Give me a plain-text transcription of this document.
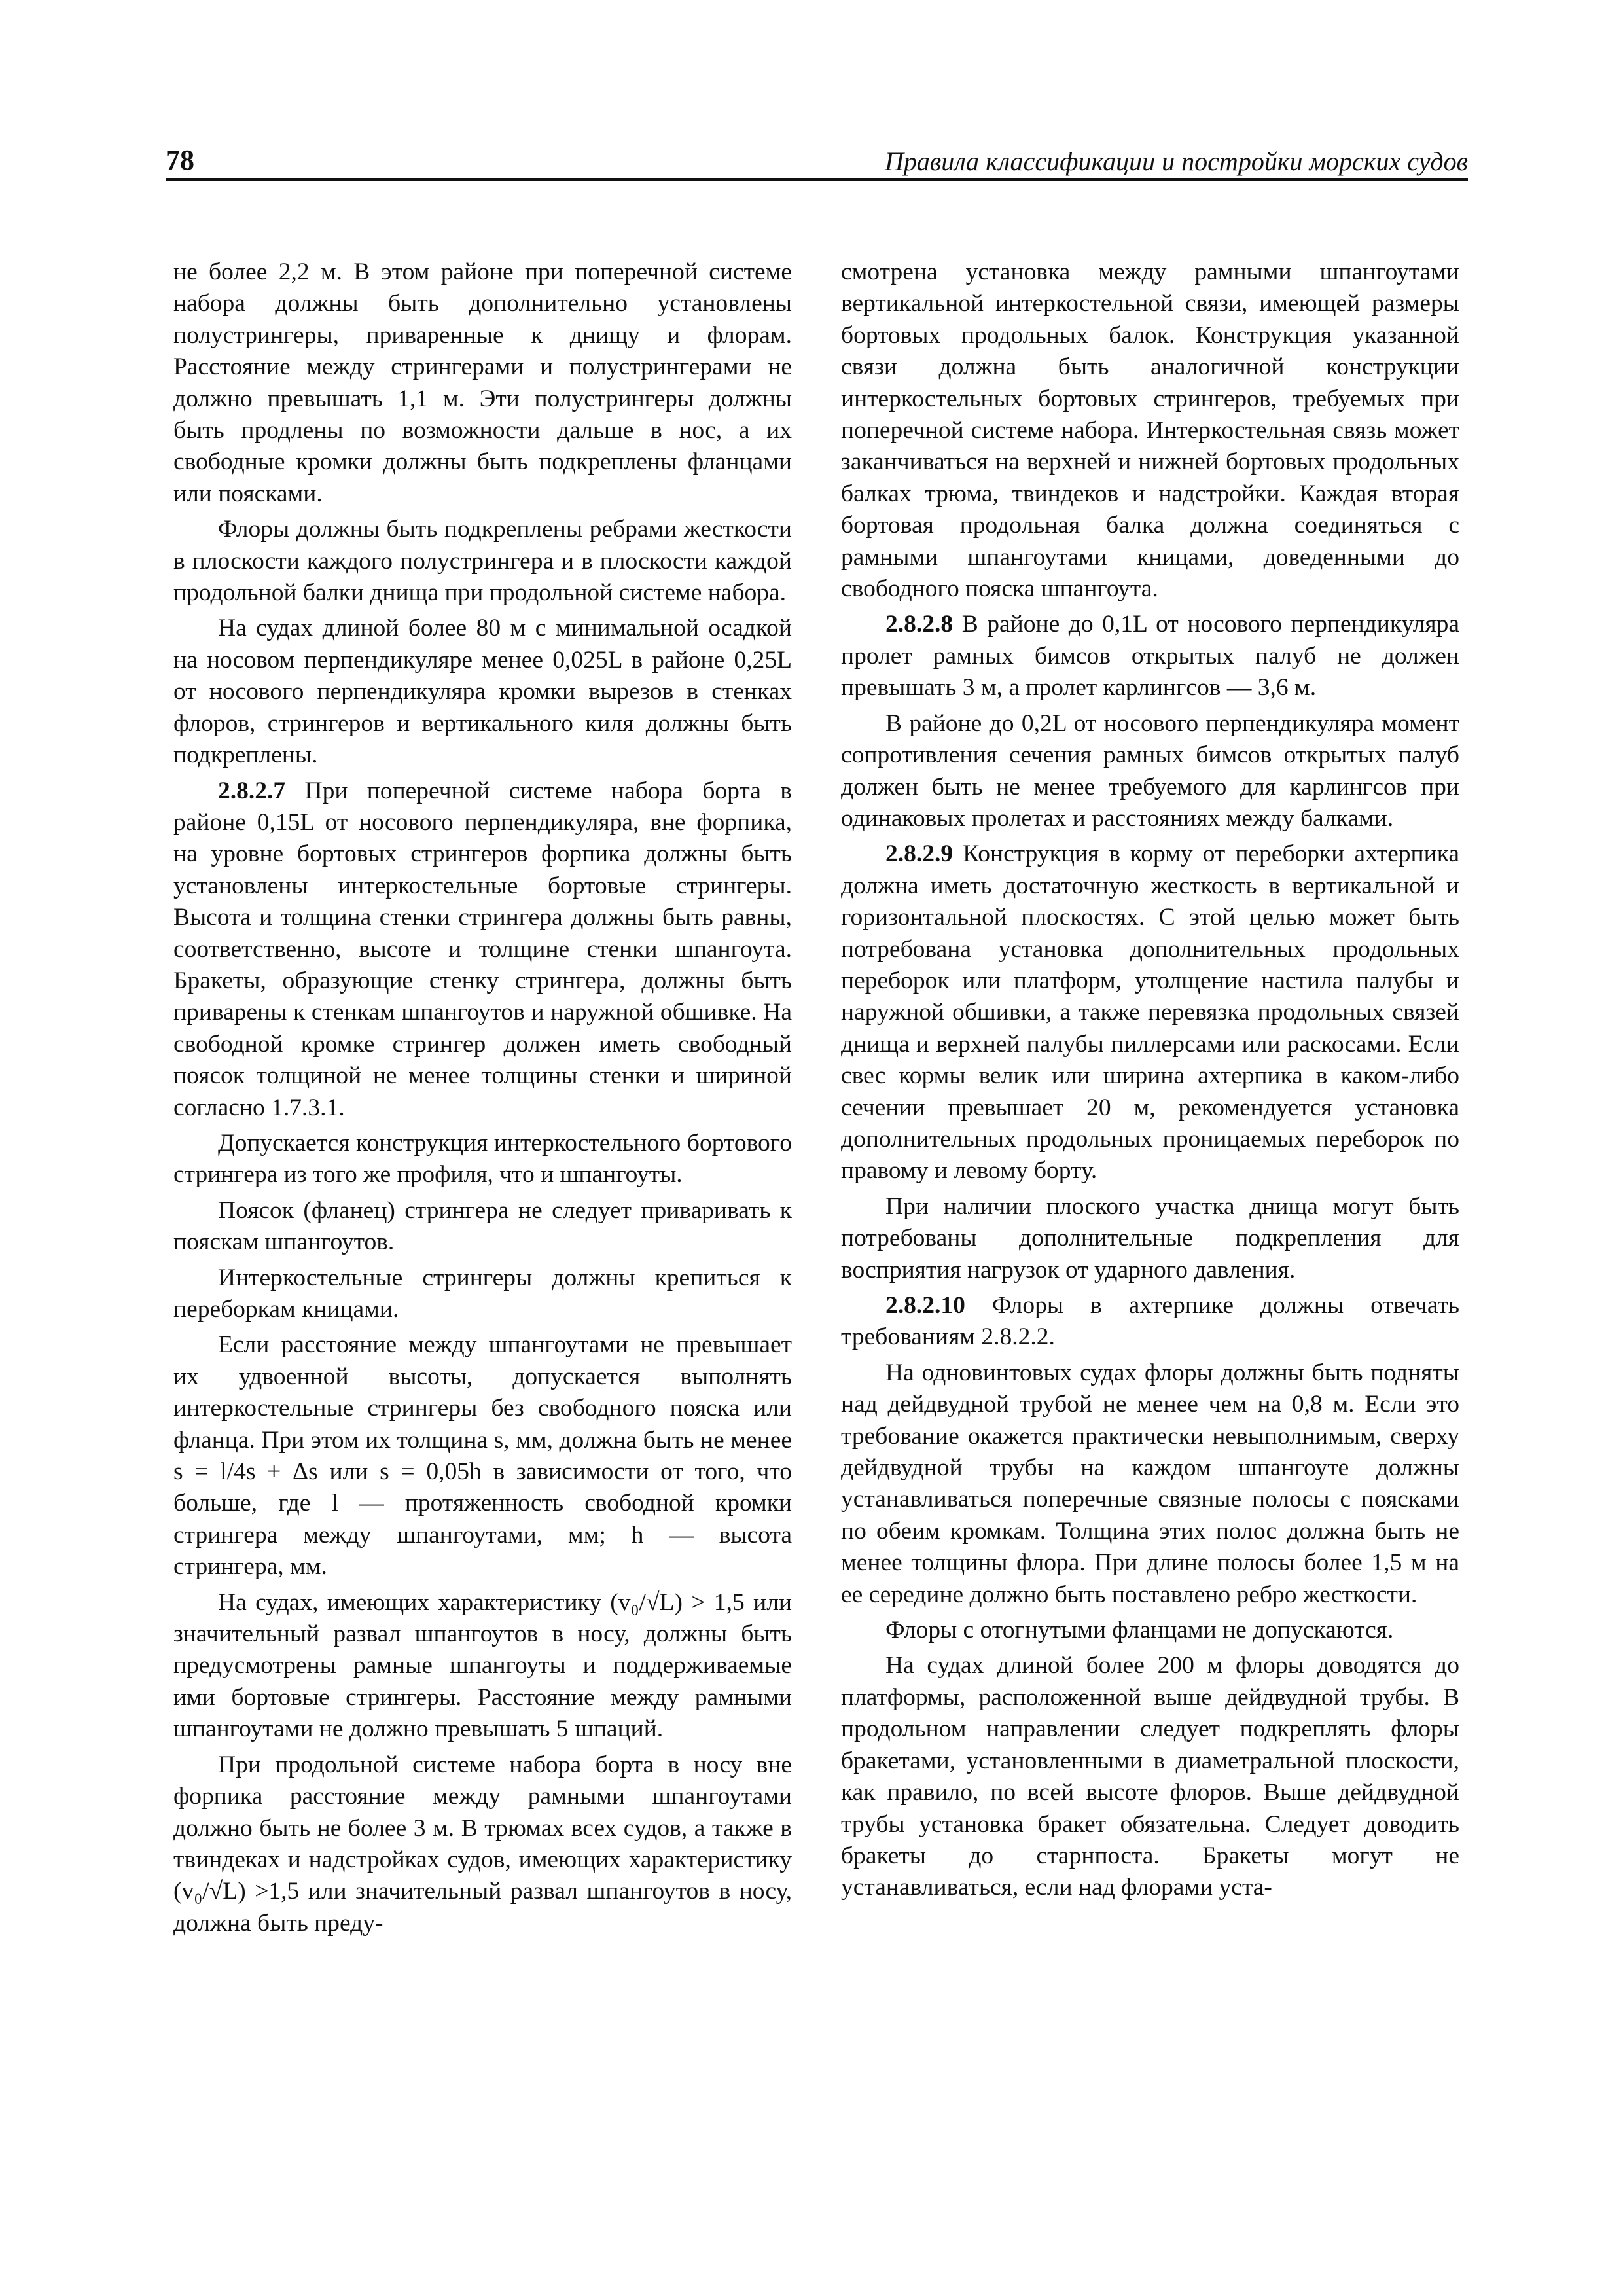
78	Правила классификации и постройки морских судов

не более 2,2 м. В этом районе при поперечной системе набора должны быть дополнительно установлены полустрингеры, приваренные к днищу и флорам. Расстояние между стрингерами и полустрингерами не должно превышать 1,1 м. Эти полустрингеры должны быть продлены по возможности дальше в нос, а их свободные кромки должны быть подкреплены фланцами или поясками.

Флоры должны быть подкреплены ребрами жесткости в плоскости каждого полустрингера и в плоскости каждой продольной балки днища при продольной системе набора.

На судах длиной более 80 м с минимальной осадкой на носовом перпендикуляре менее 0,025L в районе 0,25L от носового перпендикуляра кромки вырезов в стенках флоров, стрингеров и вертикального киля должны быть подкреплены.

2.8.2.7 При поперечной системе набора борта в районе 0,15L от носового перпендикуляра, вне форпика, на уровне бортовых стрингеров форпика должны быть установлены интеркостельные бортовые стрингеры. Высота и толщина стенки стрингера должны быть равны, соответственно, высоте и толщине стенки шпангоута. Бракеты, образующие стенку стрингера, должны быть приварены к стенкам шпангоутов и наружной обшивке. На свободной кромке стрингер должен иметь свободный поясок толщиной не менее толщины стенки и шириной согласно 1.7.3.1.

Допускается конструкция интеркостельного бортового стрингера из того же профиля, что и шпангоуты.

Поясок (фланец) стрингера не следует приваривать к пояскам шпангоутов.

Интеркостельные стрингеры должны крепиться к переборкам кницами.

Если расстояние между шпангоутами не превышает их удвоенной высоты, допускается выполнять интеркостельные стрингеры без свободного пояска или фланца. При этом их толщина s, мм, должна быть не менее s = l/4s + Δs или s = 0,05h в зависимости от того, что больше, где l — протяженность свободной кромки стрингера между шпангоутами, мм; h — высота стрингера, мм.

На судах, имеющих характеристику (v₀/√L) > 1,5 или значительный развал шпангоутов в носу, должны быть предусмотрены рамные шпангоуты и поддерживаемые ими бортовые стрингеры. Расстояние между рамными шпангоутами не должно превышать 5 шпаций.

При продольной системе набора борта в носу вне форпика расстояние между рамными шпангоутами должно быть не более 3 м. В трюмах всех судов, а также в твиндеках и надстройках судов, имеющих характеристику (v₀/√L) >1,5 или значительный развал шпангоутов в носу, должна быть преду-

смотрена установка между рамными шпангоутами вертикальной интеркостельной связи, имеющей размеры бортовых продольных балок. Конструкция указанной связи должна быть аналогичной конструкции интеркостельных бортовых стрингеров, требуемых при поперечной системе набора. Интеркостельная связь может заканчиваться на верхней и нижней бортовых продольных балках трюма, твиндеков и надстройки. Каждая вторая бортовая продольная балка должна соединяться с рамными шпангоутами кницами, доведенными до свободного пояска шпангоута.

2.8.2.8 В районе до 0,1L от носового перпендикуляра пролет рамных бимсов открытых палуб не должен превышать 3 м, а пролет карлингсов — 3,6 м.

В районе до 0,2L от носового перпендикуляра момент сопротивления сечения рамных бимсов открытых палуб должен быть не менее требуемого для карлингсов при одинаковых пролетах и расстояниях между балками.

2.8.2.9 Конструкция в корму от переборки ахтерпика должна иметь достаточную жесткость в вертикальной и горизонтальной плоскостях. С этой целью может быть потребована установка дополнительных продольных переборок или платформ, утолщение настила палубы и наружной обшивки, а также перевязка продольных связей днища и верхней палубы пиллерсами или раскосами. Если свес кормы велик или ширина ахтерпика в каком-либо сечении превышает 20 м, рекомендуется установка дополнительных продольных проницаемых переборок по правому и левому борту.

При наличии плоского участка днища могут быть потребованы дополнительные подкрепления для восприятия нагрузок от ударного давления.

2.8.2.10 Флоры в ахтерпике должны отвечать требованиям 2.8.2.2.

На одновинтовых судах флоры должны быть подняты над дейдвудной трубой не менее чем на 0,8 м. Если это требование окажется практически невыполнимым, сверху дейдвудной трубы на каждом шпангоуте должны устанавливаться поперечные связные полосы с поясками по обеим кромкам. Толщина этих полос должна быть не менее толщины флора. При длине полосы более 1,5 м на ее середине должно быть поставлено ребро жесткости.

Флоры с отогнутыми фланцами не допускаются.

На судах длиной более 200 м флоры доводятся до платформы, расположенной выше дейдвудной трубы. В продольном направлении следует подкреплять флоры бракетами, установленными в диаметральной плоскости, как правило, по всей высоте флоров. Выше дейдвудной трубы установка бракет обязательна. Следует доводить бракеты до старнпоста. Бракеты могут не устанавливаться, если над флорами уста-
